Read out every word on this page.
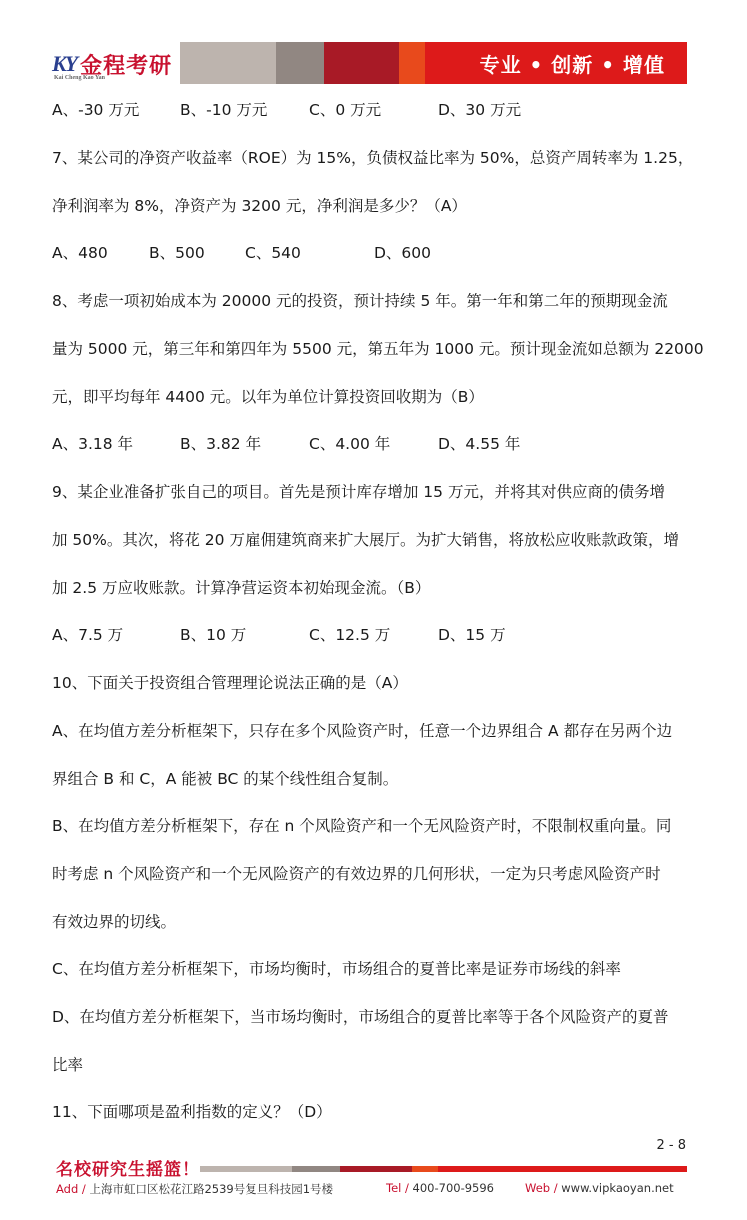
KY
Kai Cheng Kao Yan
金程考研	专业 • 创新 • 增值
A、-30 万元	B、-10 万元	C、0 万元	D、30 万元
7、某公司的净资产收益率（ROE）为 15%，负债权益比率为 50%，总资产周转率为 1.25，
净利润率为 8%，净资产为 3200 元，净利润是多少？（A）
A、480	B、500	C、540	D、600
8、考虑一项初始成本为 20000 元的投资，预计持续 5 年。第一年和第二年的预期现金流
量为 5000 元，第三年和第四年为 5500 元，第五年为 1000 元。预计现金流如总额为 22000
元，即平均每年 4400 元。以年为单位计算投资回收期为（B）
A、3.18 年	B、3.82 年	C、4.00 年	D、4.55 年
9、某企业准备扩张自己的项目。首先是预计库存增加 15 万元，并将其对供应商的债务增
加 50%。其次，将花 20 万雇佣建筑商来扩大展厅。为扩大销售，将放松应收账款政策，增
加 2.5 万应收账款。计算净营运资本初始现金流。（B）
A、7.5 万	B、10 万	C、12.5 万	D、15 万
10、下面关于投资组合管理理论说法正确的是（A）
A、在均值方差分析框架下，只存在多个风险资产时，任意一个边界组合 A 都存在另两个边
界组合 B 和 C，A 能被 BC 的某个线性组合复制。
B、在均值方差分析框架下，存在 n 个风险资产和一个无风险资产时，不限制权重向量。同
时考虑 n 个风险资产和一个无风险资产的有效边界的几何形状，一定为只考虑风险资产时
有效边界的切线。
C、在均值方差分析框架下，市场均衡时，市场组合的夏普比率是证券市场线的斜率
D、在均值方差分析框架下，当市场均衡时，市场组合的夏普比率等于各个风险资产的夏普
比率
11、下面哪项是盈利指数的定义？（D）
2 - 8
名校研究生摇篮！
Add / 上海市虹口区松花江路2539号复旦科技园1号楼	Tel / 400-700-9596	Web / www.vipkaoyan.net
